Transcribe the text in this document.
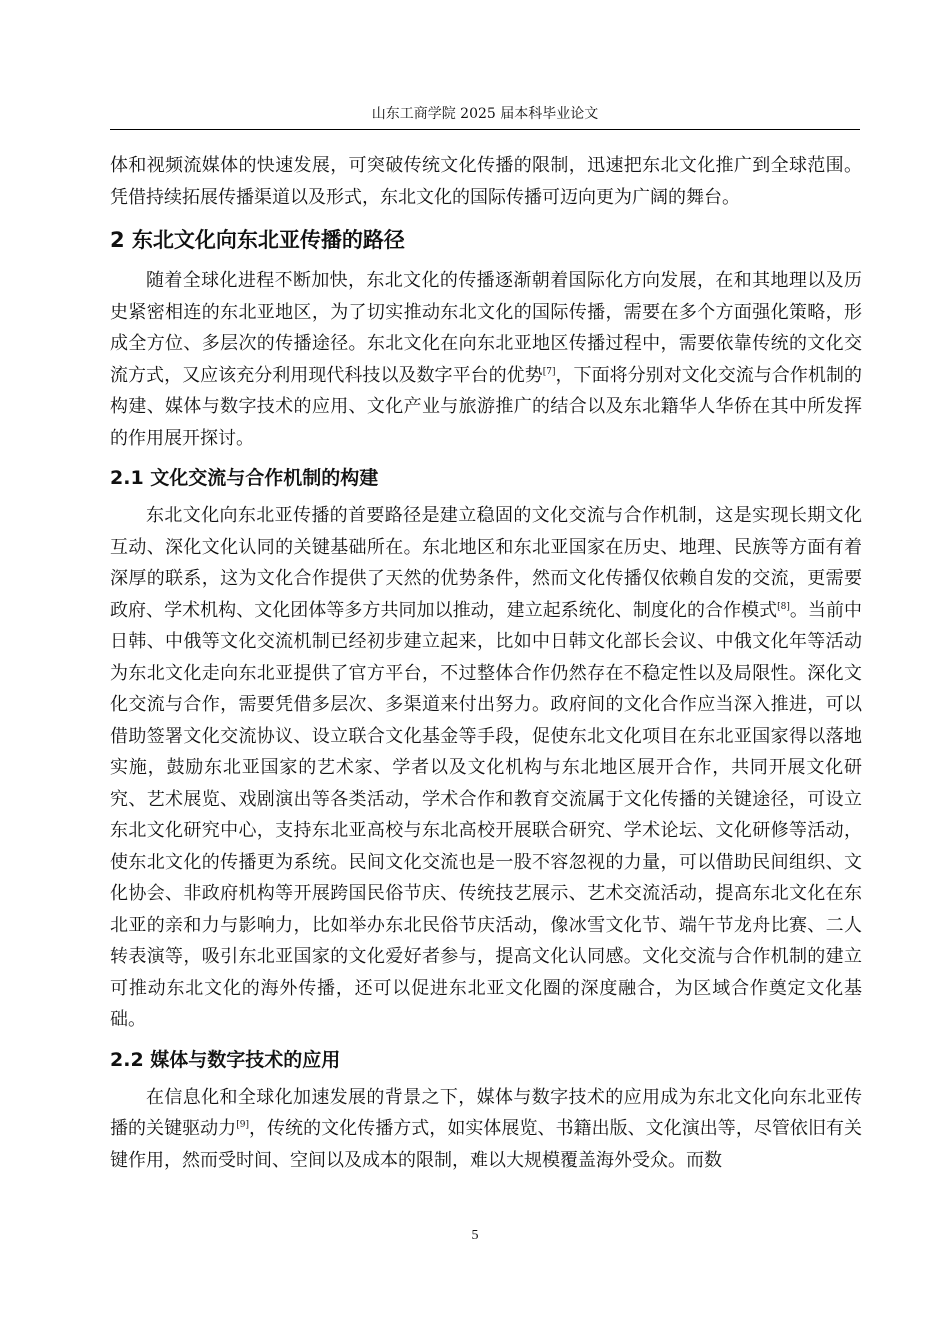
山东工商学院 2025 届本科毕业论文

体和视频流媒体的快速发展，可突破传统文化传播的限制，迅速把东北文化推广到全球范围。凭借持续拓展传播渠道以及形式，东北文化的国际传播可迈向更为广阔的舞台。

2 东北文化向东北亚传播的路径

随着全球化进程不断加快，东北文化的传播逐渐朝着国际化方向发展，在和其地理以及历史紧密相连的东北亚地区，为了切实推动东北文化的国际传播，需要在多个方面强化策略，形成全方位、多层次的传播途径。东北文化在向东北亚地区传播过程中，需要依靠传统的文化交流方式，又应该充分利用现代科技以及数字平台的优势[7]，下面将分别对文化交流与合作机制的构建、媒体与数字技术的应用、文化产业与旅游推广的结合以及东北籍华人华侨在其中所发挥的作用展开探讨。

2.1 文化交流与合作机制的构建

东北文化向东北亚传播的首要路径是建立稳固的文化交流与合作机制，这是实现长期文化互动、深化文化认同的关键基础所在。东北地区和东北亚国家在历史、地理、民族等方面有着深厚的联系，这为文化合作提供了天然的优势条件，然而文化传播仅依赖自发的交流，更需要政府、学术机构、文化团体等多方共同加以推动，建立起系统化、制度化的合作模式[8]。当前中日韩、中俄等文化交流机制已经初步建立起来，比如中日韩文化部长会议、中俄文化年等活动为东北文化走向东北亚提供了官方平台，不过整体合作仍然存在不稳定性以及局限性。深化文化交流与合作，需要凭借多层次、多渠道来付出努力。政府间的文化合作应当深入推进，可以借助签署文化交流协议、设立联合文化基金等手段，促使东北文化项目在东北亚国家得以落地实施，鼓励东北亚国家的艺术家、学者以及文化机构与东北地区展开合作，共同开展文化研究、艺术展览、戏剧演出等各类活动，学术合作和教育交流属于文化传播的关键途径，可设立东北文化研究中心，支持东北亚高校与东北高校开展联合研究、学术论坛、文化研修等活动，使东北文化的传播更为系统。民间文化交流也是一股不容忽视的力量，可以借助民间组织、文化协会、非政府机构等开展跨国民俗节庆、传统技艺展示、艺术交流活动，提高东北文化在东北亚的亲和力与影响力，比如举办东北民俗节庆活动，像冰雪文化节、端午节龙舟比赛、二人转表演等，吸引东北亚国家的文化爱好者参与，提高文化认同感。文化交流与合作机制的建立可推动东北文化的海外传播，还可以促进东北亚文化圈的深度融合，为区域合作奠定文化基础。

2.2 媒体与数字技术的应用

在信息化和全球化加速发展的背景之下，媒体与数字技术的应用成为东北文化向东北亚传播的关键驱动力[9]，传统的文化传播方式，如实体展览、书籍出版、文化演出等，尽管依旧有关键作用，然而受时间、空间以及成本的限制，难以大规模覆盖海外受众。而数

5
